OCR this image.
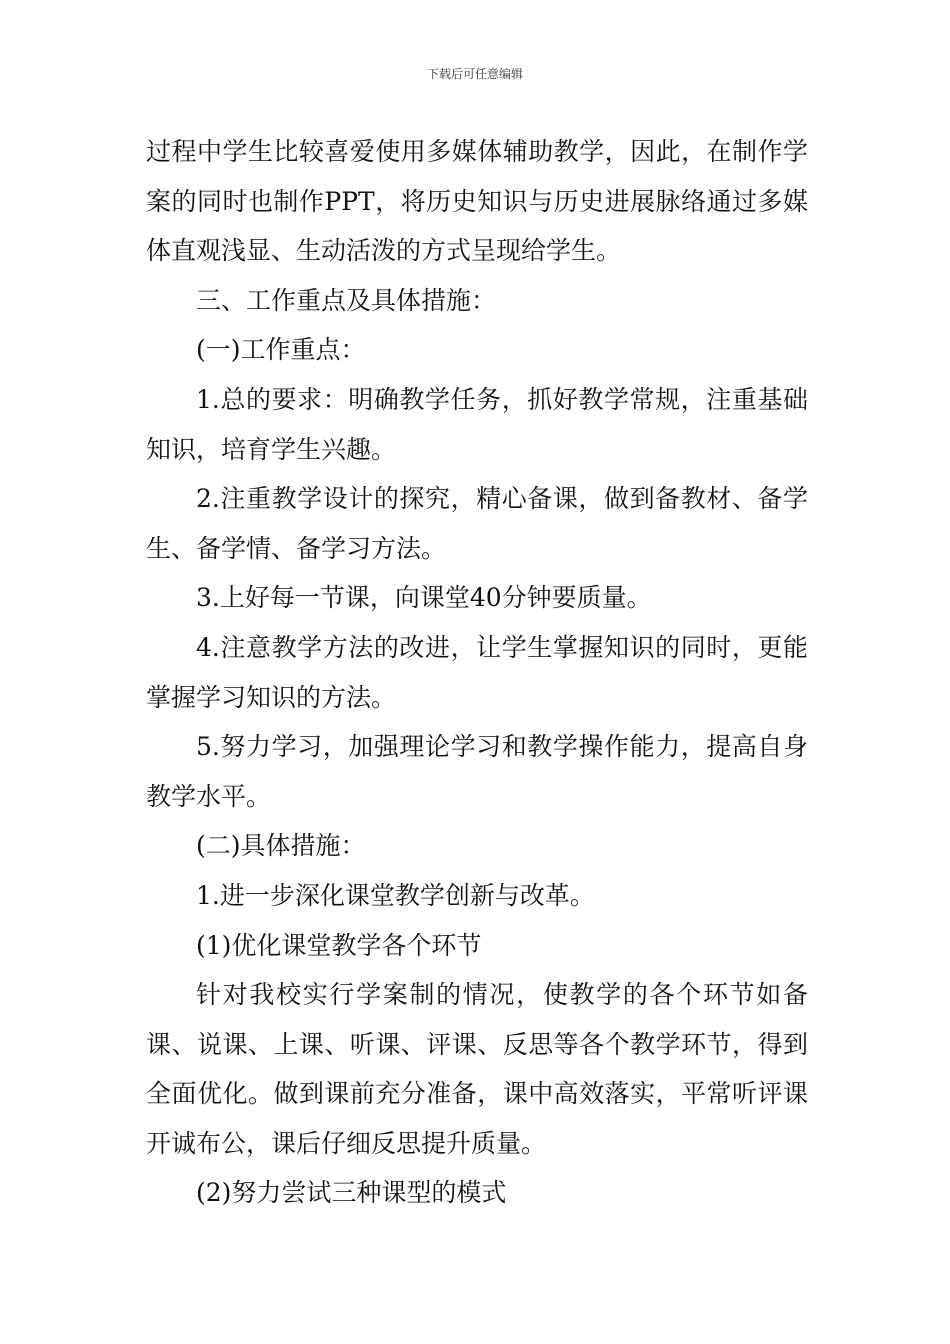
下载后可任意编辑

过程中学生比较喜爱使用多媒体辅助教学，因此，在制作学案的同时也制作PPT，将历史知识与历史进展脉络通过多媒体直观浅显、生动活泼的方式呈现给学生。

三、工作重点及具体措施：

(一)工作重点：

1.总的要求：明确教学任务，抓好教学常规，注重基础知识，培育学生兴趣。

2.注重教学设计的探究，精心备课，做到备教材、备学生、备学情、备学习方法。

3.上好每一节课，向课堂40分钟要质量。

4.注意教学方法的改进，让学生掌握知识的同时，更能掌握学习知识的方法。

5.努力学习，加强理论学习和教学操作能力，提高自身教学水平。

(二)具体措施：

1.进一步深化课堂教学创新与改革。

(1)优化课堂教学各个环节

针对我校实行学案制的情况，使教学的各个环节如备课、说课、上课、听课、评课、反思等各个教学环节，得到全面优化。做到课前充分准备，课中高效落实，平常听评课开诚布公，课后仔细反思提升质量。

(2)努力尝试三种课型的模式
